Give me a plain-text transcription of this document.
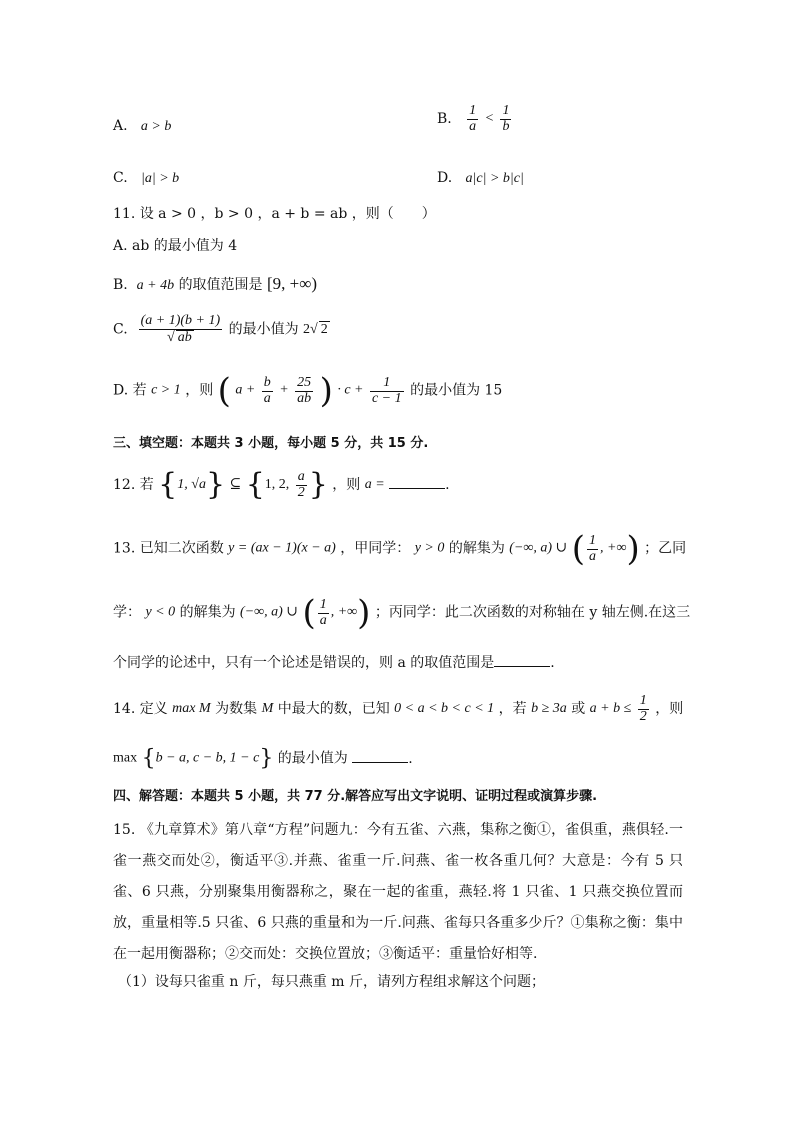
A. a > b	B. $\frac{1}{a} < \frac{1}{b}$
C. |a| > b	D. a|c| > b|c|
11. 设 a > 0 ，b > 0 ，a + b = ab ，则（　　）
A. ab 的最小值为 4
B. a + 4b 的取值范围是 [9, +∞)
C. $\frac{(a + 1)(b + 1)}{√ ab}$ 的最小值为 2√ 2
D. 若 c > 1 ，则 ( $a + \frac{b}{a} + \frac{25}{ab}$ ) · $c + \frac{1}{c - 1}$ 的最小值为 15
三、填空题：本题共 3 小题，每小题 5 分，共 15 分.
12. 若 {1, √a} ⊆ {1, 2, $\frac{a}{2}$ } ，则 a =	.
13. 已知二次函数 y = (ax − 1)(x − a) ，甲同学： y > 0 的解集为 (−∞, a) ∪ ( $\frac{1}{a}$ , +∞) ；乙同
学： y < 0 的解集为 (−∞, a) ∪ ( $\frac{1}{a}$ , +∞) ；丙同学：此二次函数的对称轴在 y 轴左侧.在这三
个同学的论述中，只有一个论述是错误的，则 a 的取值范围是	.
14. 定义 max M 为数集 M 中最大的数，已知 0 < a < b < c < 1 ，若 b ≥ 3a 或 $a + b \le \frac{1}{2}$ ，则
max {b − a, c − b, 1 − c} 的最小值为	.
四、解答题：本题共 5 小题，共 77 分.解答应写出文字说明、证明过程或演算步骤.
15. 《九章算术》第八章“方程”问题九：今有五雀、六燕，集称之衡①，雀俱重，燕俱轻.一雀一燕交而处②，衡适平③.并燕、雀重一斤.问燕、雀一枚各重几何？大意是：今有 5 只雀、6 只燕，分别聚集用衡器称之，聚在一起的雀重，燕轻.将 1 只雀、1 只燕交换位置而放，重量相等.5 只雀、6 只燕的重量和为一斤.问燕、雀每只各重多少斤？①集称之衡：集中在一起用衡器称；②交而处：交换位置放；③衡适平：重量恰好相等.
（1）设每只雀重 n 斤，每只燕重 m 斤，请列方程组求解这个问题；
